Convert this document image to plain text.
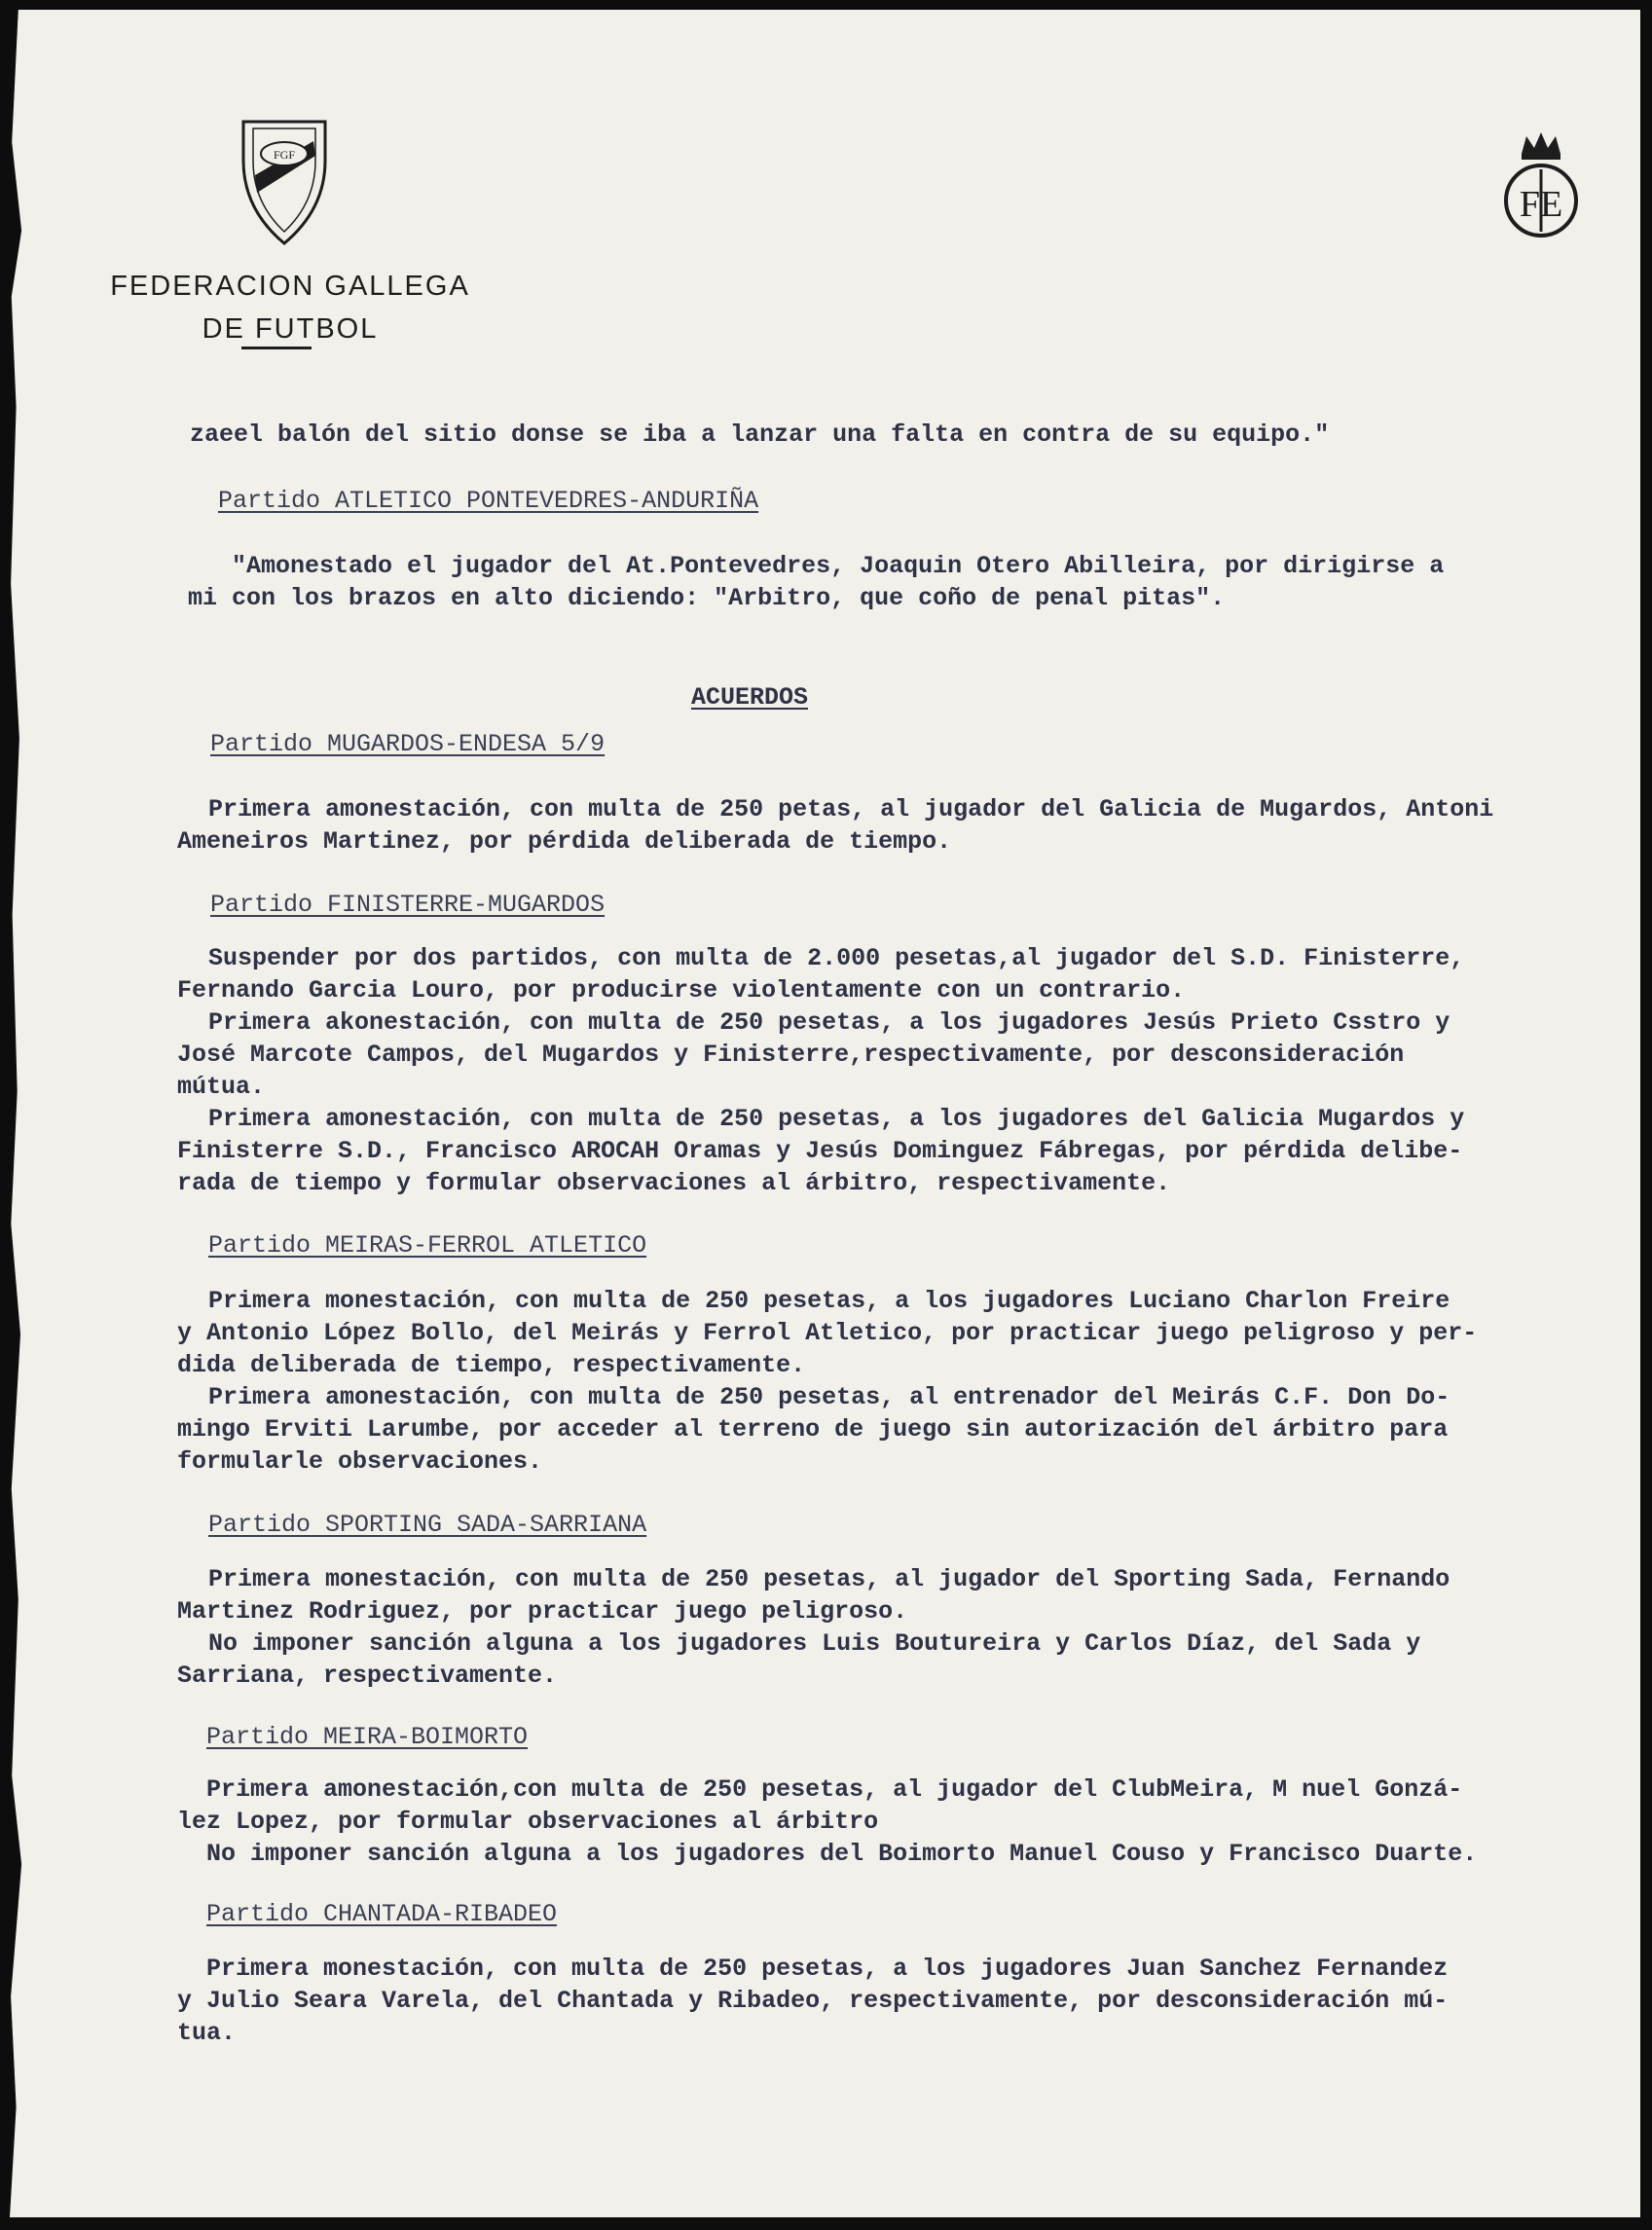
FGF
FE
FEDERACION GALLEGA
DE FUTBOL
zaeel balón del sitio donse se iba a lanzar una falta en contra de su equipo."
Partido ATLETICO PONTEVEDRES-ANDURIÑA
"Amonestado el jugador del At.Pontevedres, Joaquin Otero Abilleira, por dirigirse a
mi con los brazos en alto diciendo: "Arbitro, que coño de penal pitas".
ACUERDOS
Partido MUGARDOS-ENDESA 5/9
Primera amonestación, con multa de 250 petas, al jugador del Galicia de Mugardos, Antoni
Ameneiros Martinez, por pérdida deliberada de tiempo.
Partido FINISTERRE-MUGARDOS
Suspender por dos partidos, con multa de 2.000 pesetas,al jugador del S.D. Finisterre,
Fernando Garcia Louro, por producirse violentamente con un contrario.
Primera akonestación, con multa de 250 pesetas, a los jugadores Jesús Prieto Csstro y
José Marcote Campos, del Mugardos y Finisterre,respectivamente, por desconsideración
mútua.
Primera amonestación, con multa de 250 pesetas, a los jugadores del Galicia Mugardos y
Finisterre S.D., Francisco AROCAH Oramas y Jesús Dominguez Fábregas, por pérdida delibe-
rada de tiempo y formular observaciones al árbitro, respectivamente.
Partido MEIRAS-FERROL ATLETICO
Primera monestación, con multa de 250 pesetas, a los jugadores Luciano Charlon Freire
y Antonio López Bollo, del Meirás y Ferrol Atletico, por practicar juego peligroso y per-
dida deliberada de tiempo, respectivamente.
Primera amonestación, con multa de 250 pesetas, al entrenador del Meirás C.F. Don Do-
mingo Erviti Larumbe, por acceder al terreno de juego sin autorización del árbitro para
formularle observaciones.
Partido SPORTING SADA-SARRIANA
Primera monestación, con multa de 250 pesetas, al jugador del Sporting Sada, Fernando
Martinez Rodriguez, por practicar juego peligroso.
No imponer sanción alguna a los jugadores Luis Boutureira y Carlos Díaz, del Sada y
Sarriana, respectivamente.
Partido MEIRA-BOIMORTO
Primera amonestación,con multa de 250 pesetas, al jugador del ClubMeira, M nuel Gonzá-
lez Lopez, por formular observaciones al árbitro
No imponer sanción alguna a los jugadores del Boimorto Manuel Couso y Francisco Duarte.
Partido CHANTADA-RIBADEO
Primera monestación, con multa de 250 pesetas, a los jugadores Juan Sanchez Fernandez
y Julio Seara Varela, del Chantada y Ribadeo, respectivamente, por desconsideración mú-
tua.
